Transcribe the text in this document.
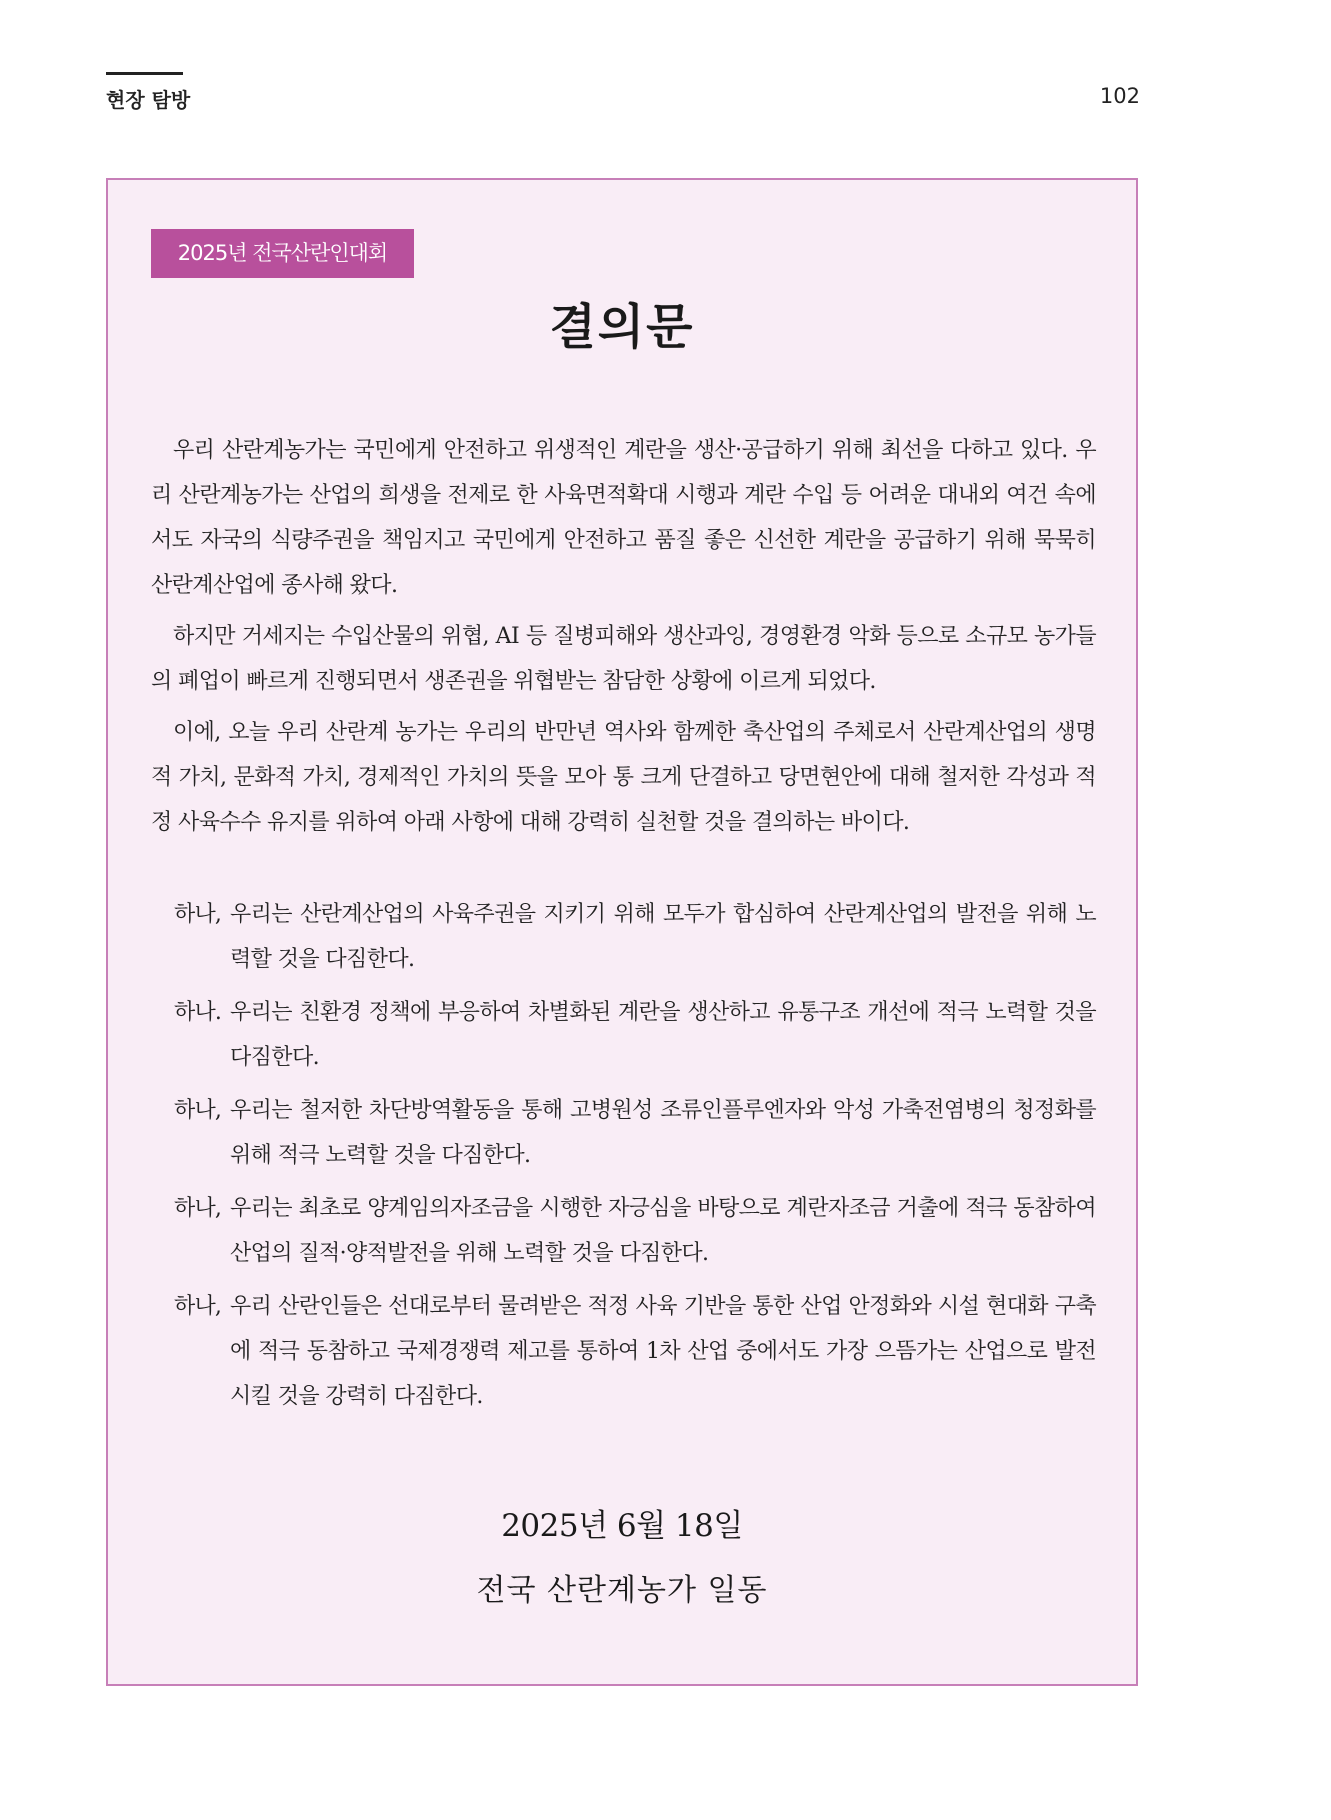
현장 탐방	102
2025년 전국산란인대회
결의문

우리 산란계농가는 국민에게 안전하고 위생적인 계란을 생산·공급하기 위해 최선을 다하고 있다. 우리 산란계농가는 산업의 희생을 전제로 한 사육면적확대 시행과 계란 수입 등 어려운 대내외 여건 속에서도 자국의 식량주권을 책임지고 국민에게 안전하고 품질 좋은 신선한 계란을 공급하기 위해 묵묵히 산란계산업에 종사해 왔다.

하지만 거세지는 수입산물의 위협, AI 등 질병피해와 생산과잉, 경영환경 악화 등으로 소규모 농가들의 폐업이 빠르게 진행되면서 생존권을 위협받는 참담한 상황에 이르게 되었다.

이에, 오늘 우리 산란계 농가는 우리의 반만년 역사와 함께한 축산업의 주체로서 산란계산업의 생명적 가치, 문화적 가치, 경제적인 가치의 뜻을 모아 통 크게 단결하고 당면현안에 대해 철저한 각성과 적정 사육수수 유지를 위하여 아래 사항에 대해 강력히 실천할 것을 결의하는 바이다.

하나, 우리는 산란계산업의 사육주권을 지키기 위해 모두가 합심하여 산란계산업의 발전을 위해 노력할 것을 다짐한다.
하나. 우리는 친환경 정책에 부응하여 차별화된 계란을 생산하고 유통구조 개선에 적극 노력할 것을 다짐한다.
하나, 우리는 철저한 차단방역활동을 통해 고병원성 조류인플루엔자와 악성 가축전염병의 청정화를 위해 적극 노력할 것을 다짐한다.
하나, 우리는 최초로 양계임의자조금을 시행한 자긍심을 바탕으로 계란자조금 거출에 적극 동참하여 산업의 질적·양적발전을 위해 노력할 것을 다짐한다.
하나, 우리 산란인들은 선대로부터 물려받은 적정 사육 기반을 통한 산업 안정화와 시설 현대화 구축에 적극 동참하고 국제경쟁력 제고를 통하여 1차 산업 중에서도 가장 으뜸가는 산업으로 발전시킬 것을 강력히 다짐한다.
2025년 6월 18일
전국 산란계농가 일동
